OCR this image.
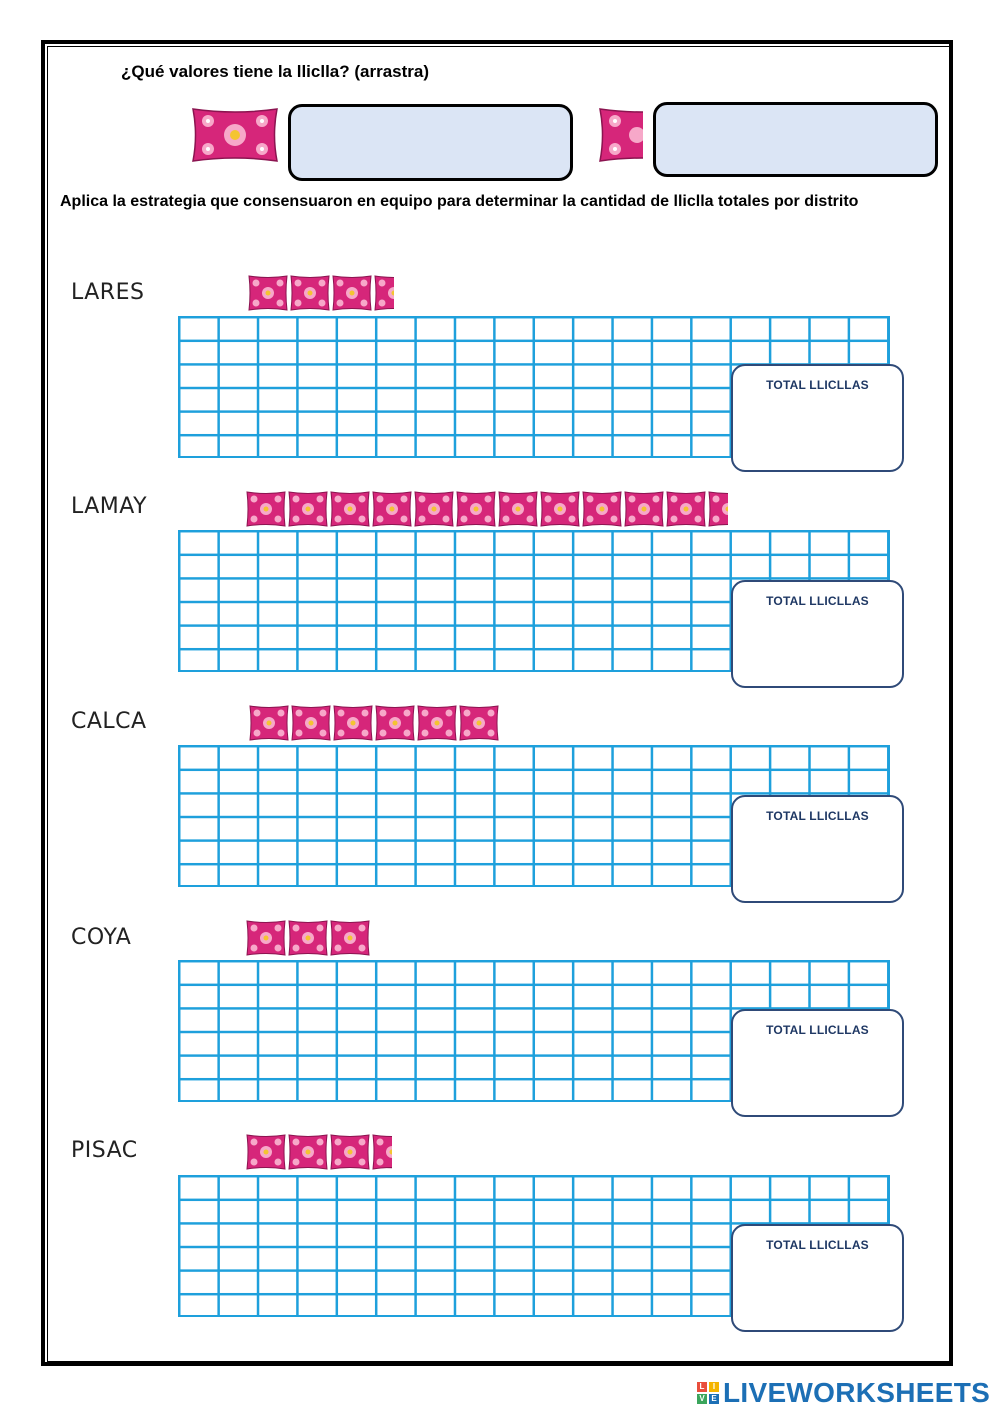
¿Qué valores tiene la lliclla? (arrastra)
Aplica la estrategia que consensuaron en equipo para determinar la cantidad de lliclla totales por distrito
LARES
TOTAL LLICLLAS
LAMAY
TOTAL LLICLLAS
CALCA
TOTAL LLICLLAS
COYA
TOTAL LLICLLAS
PISAC
TOTAL LLICLLAS
L	I
V E LIVEWORKSHEETS
